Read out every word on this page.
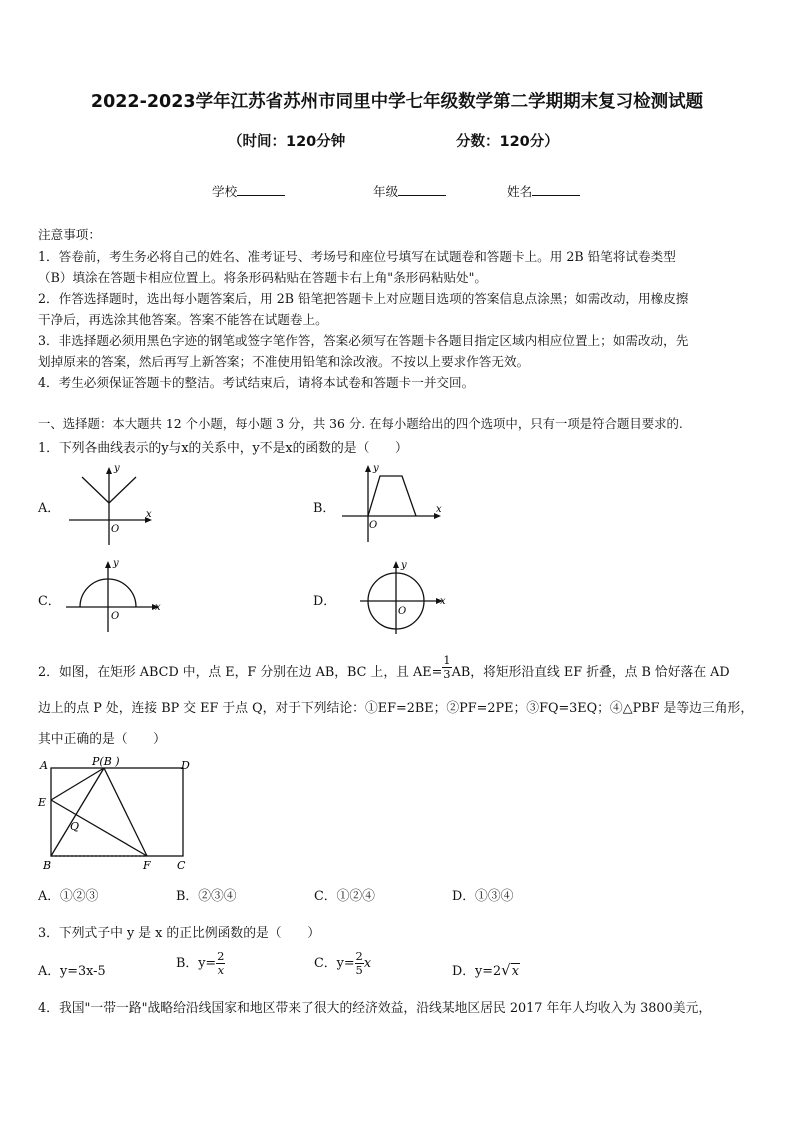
2022-2023学年江苏省苏州市同里中学七年级数学第二学期期末复习检测试题
（时间：120分钟	分数：120分）
学校	年级	姓名
注意事项：
1．答卷前，考生务必将自己的姓名、准考证号、考场号和座位号填写在试题卷和答题卡上。用 2B 铅笔将试卷类型
（B）填涂在答题卡相应位置上。将条形码粘贴在答题卡右上角"条形码粘贴处"。
2．作答选择题时，选出每小题答案后，用 2B 铅笔把答题卡上对应题目选项的答案信息点涂黑；如需改动，用橡皮擦
干净后，再选涂其他答案。答案不能答在试题卷上。
3．非选择题必须用黑色字迹的钢笔或签字笔作答，答案必须写在答题卡各题目指定区域内相应位置上；如需改动，先
划掉原来的答案，然后再写上新答案；不准使用铅笔和涂改液。不按以上要求作答无效。
4．考生必须保证答题卡的整洁。考试结束后，请将本试卷和答题卡一并交回。
一、选择题：本大题共 12 个小题，每小题 3 分，共 36 分. 在每小题给出的四个选项中，只有一项是符合题目要求的.
1．下列各曲线表示的y与x的关系中，y不是x的函数的是（　　）
A．
y
x
O
B．
y
x
O
C．
y
x
O
D．
y
x
O
2．如图，在矩形 ABCD 中，点 E，F 分别在边 AB，BC 上，且 $AE= \frac{1}{3}$ AB，将矩形沿直线 EF 折叠，点 B 恰好落在 AD
边上的点 P 处，连接 BP 交 EF 于点 Q，对于下列结论：①EF=2BE；②PF=2PE；③FQ=3EQ；④△PBF 是等边三角形，
其中正确的是（　　）
A	P(B )	D
E
Q
B	F C
A．①②③	B．②③④	C．①②④	D．①③④
3．下列式子中 y 是 x 的正比例函数的是（　　）
A．y=3x-5
B．$y= \frac{2}{x}$	C．$y= \frac{2}{5}$ x
D．y=2√x
4．我国"一带一路"战略给沿线国家和地区带来了很大的经济效益，沿线某地区居民 2017 年年人均收入为 3800美元，
